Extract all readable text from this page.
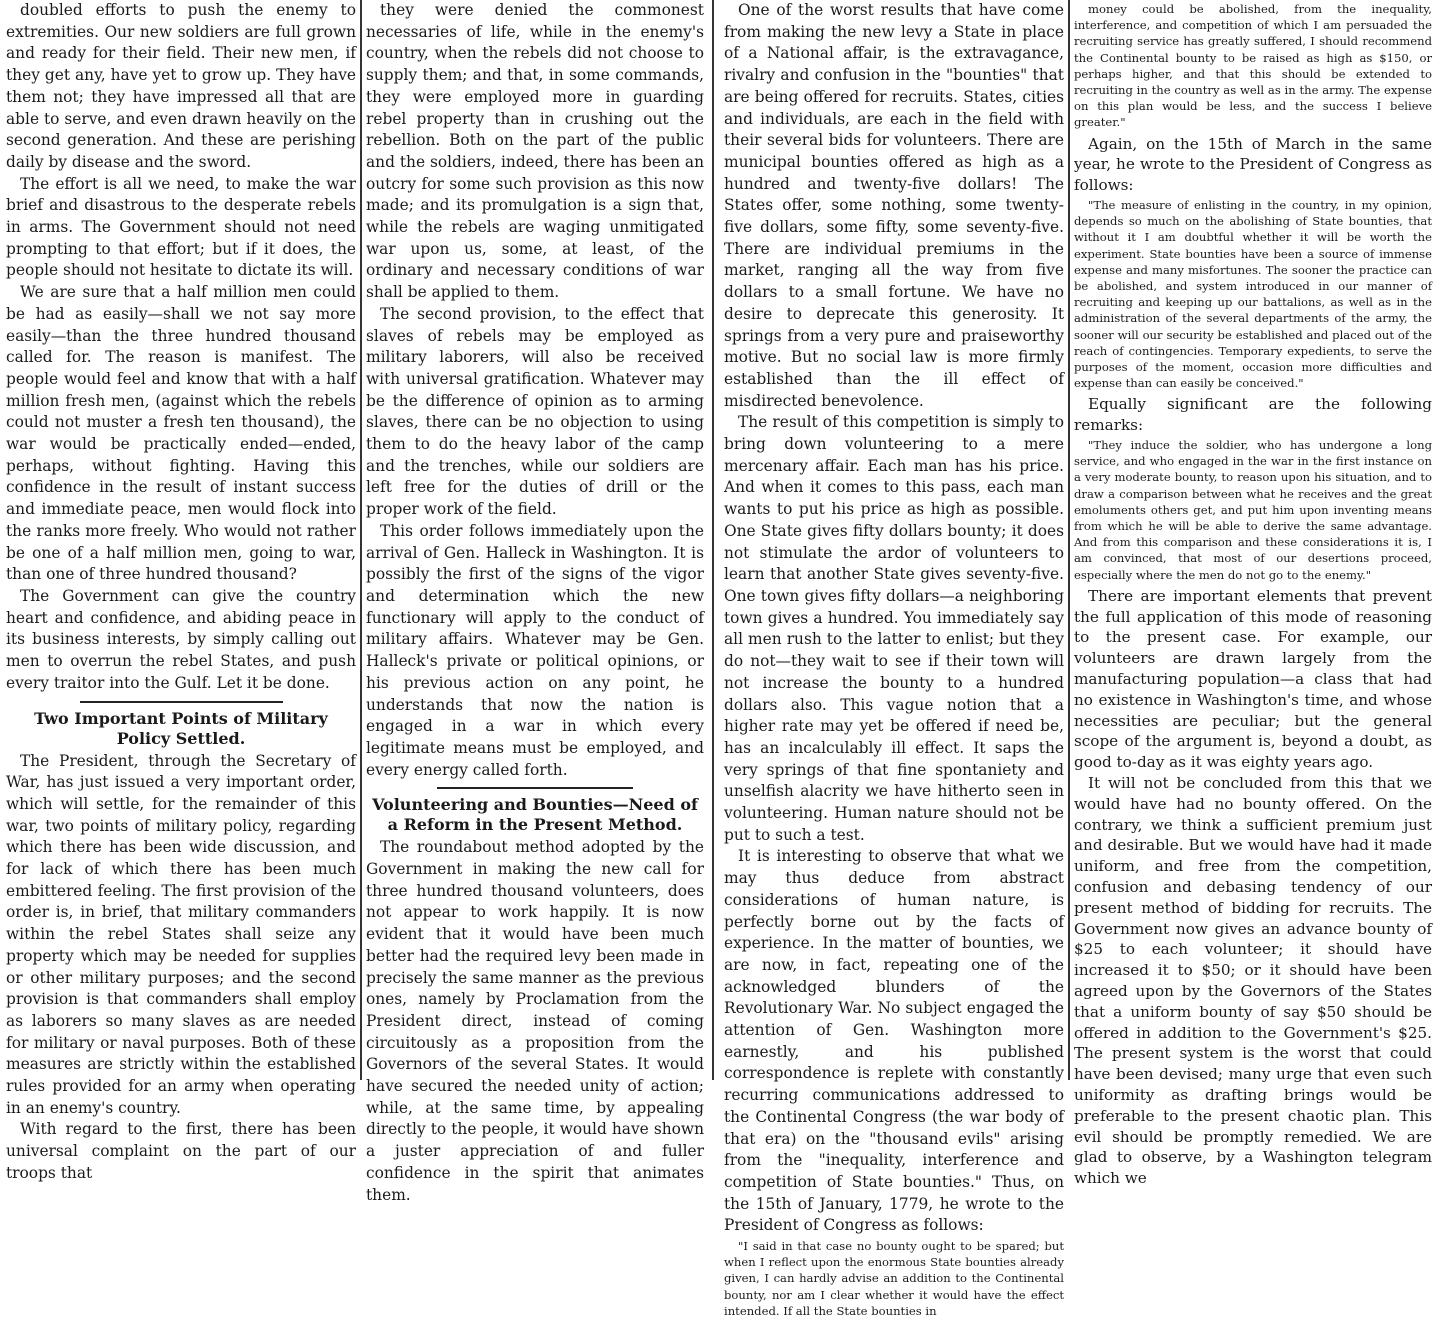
doubled efforts to push the enemy to extremities. Our new soldiers are full grown and ready for their field. Their new men, if they get any, have yet to grow up. They have them not; they have impressed all that are able to serve, and even drawn heavily on the second generation. And these are perishing daily by disease and the sword.

The effort is all we need, to make the war brief and disastrous to the desperate rebels in arms. The Government should not need prompting to that effort; but if it does, the people should not hesitate to dictate its will.

We are sure that a half million men could be had as easily—shall we not say more easily—than the three hundred thousand called for. The reason is manifest. The people would feel and know that with a half million fresh men, (against which the rebels could not muster a fresh ten thousand), the war would be practically ended—ended, perhaps, without fighting. Having this confidence in the result of instant success and immediate peace, men would flock into the ranks more freely. Who would not rather be one of a half million men, going to war, than one of three hundred thousand?

The Government can give the country heart and confidence, and abiding peace in its business interests, by simply calling out men to overrun the rebel States, and push every traitor into the Gulf. Let it be done.

Two Important Points of Military Policy Settled.

The President, through the Secretary of War, has just issued a very important order, which will settle, for the remainder of this war, two points of military policy, regarding which there has been wide discussion, and for lack of which there has been much embittered feeling. The first provision of the order is, in brief, that military commanders within the rebel States shall seize any property which may be needed for supplies or other military purposes; and the second provision is that commanders shall employ as laborers so many slaves as are needed for military or naval purposes. Both of these measures are strictly within the established rules provided for an army when operating in an enemy's country.

With regard to the first, there has been universal complaint on the part of our troops that

they were denied the commonest necessaries of life, while in the enemy's country, when the rebels did not choose to supply them; and that, in some commands, they were employed more in guarding rebel property than in crushing out the rebellion. Both on the part of the public and the soldiers, indeed, there has been an outcry for some such provision as this now made; and its promulgation is a sign that, while the rebels are waging unmitigated war upon us, some, at least, of the ordinary and necessary conditions of war shall be applied to them.

The second provision, to the effect that slaves of rebels may be employed as military laborers, will also be received with universal gratification. Whatever may be the difference of opinion as to arming slaves, there can be no objection to using them to do the heavy labor of the camp and the trenches, while our soldiers are left free for the duties of drill or the proper work of the field.

This order follows immediately upon the arrival of Gen. Halleck in Washington. It is possibly the first of the signs of the vigor and determination which the new functionary will apply to the conduct of military affairs. Whatever may be Gen. Halleck's private or political opinions, or his previous action on any point, he understands that now the nation is engaged in a war in which every legitimate means must be employed, and every energy called forth.

Volunteering and Bounties—Need of a Reform in the Present Method.

The roundabout method adopted by the Government in making the new call for three hundred thousand volunteers, does not appear to work happily. It is now evident that it would have been much better had the required levy been made in precisely the same manner as the previous ones, namely by Proclamation from the President direct, instead of coming circuitously as a proposition from the Governors of the several States. It would have secured the needed unity of action; while, at the same time, by appealing directly to the people, it would have shown a juster appreciation of and fuller confidence in the spirit that animates them.

One of the worst results that have come from making the new levy a State in place of a National affair, is the extravagance, rivalry and confusion in the "bounties" that are being offered for recruits. States, cities and individuals, are each in the field with their several bids for volunteers. There are municipal bounties offered as high as a hundred and twenty-five dollars! The States offer, some nothing, some twenty-five dollars, some fifty, some seventy-five. There are individual premiums in the market, ranging all the way from five dollars to a small fortune. We have no desire to deprecate this generosity. It springs from a very pure and praiseworthy motive. But no social law is more firmly established than the ill effect of misdirected benevolence.

The result of this competition is simply to bring down volunteering to a mere mercenary affair. Each man has his price. And when it comes to this pass, each man wants to put his price as high as possible. One State gives fifty dollars bounty; it does not stimulate the ardor of volunteers to learn that another State gives seventy-five. One town gives fifty dollars—a neighboring town gives a hundred. You immediately say all men rush to the latter to enlist; but they do not—they wait to see if their town will not increase the bounty to a hundred dollars also. This vague notion that a higher rate may yet be offered if need be, has an incalculably ill effect. It saps the very springs of that fine spontaniety and unselfish alacrity we have hitherto seen in volunteering. Human nature should not be put to such a test.

It is interesting to observe that what we may thus deduce from abstract considerations of human nature, is perfectly borne out by the facts of experience. In the matter of bounties, we are now, in fact, repeating one of the acknowledged blunders of the Revolutionary War. No subject engaged the attention of Gen. Washington more earnestly, and his published correspondence is replete with constantly recurring communications addressed to the Continental Congress (the war body of that era) on the "thousand evils" arising from the "inequality, interference and competition of State bounties." Thus, on the 15th of January, 1779, he wrote to the President of Congress as follows:

"I said in that case no bounty ought to be spared; but when I reflect upon the enormous State bounties already given, I can hardly advise an addition to the Continental bounty, nor am I clear whether it would have the effect intended. If all the State bounties in

money could be abolished, from the inequality, interference, and competition of which I am persuaded the recruiting service has greatly suffered, I should recommend the Continental bounty to be raised as high as $150, or perhaps higher, and that this should be extended to recruiting in the country as well as in the army. The expense on this plan would be less, and the success I believe greater."

Again, on the 15th of March in the same year, he wrote to the President of Congress as follows:

"The measure of enlisting in the country, in my opinion, depends so much on the abolishing of State bounties, that without it I am doubtful whether it will be worth the experiment. State bounties have been a source of immense expense and many misfortunes. The sooner the practice can be abolished, and system introduced in our manner of recruiting and keeping up our battalions, as well as in the administration of the several departments of the army, the sooner will our security be established and placed out of the reach of contingencies. Temporary expedients, to serve the purposes of the moment, occasion more difficulties and expense than can easily be conceived."

Equally significant are the following remarks:

"They induce the soldier, who has undergone a long service, and who engaged in the war in the first instance on a very moderate bounty, to reason upon his situation, and to draw a comparison between what he receives and the great emoluments others get, and put him upon inventing means from which he will be able to derive the same advantage. And from this comparison and these considerations it is, I am convinced, that most of our desertions proceed, especially where the men do not go to the enemy."

There are important elements that prevent the full application of this mode of reasoning to the present case. For example, our volunteers are drawn largely from the manufacturing population—a class that had no existence in Washington's time, and whose necessities are peculiar; but the general scope of the argument is, beyond a doubt, as good to-day as it was eighty years ago.

It will not be concluded from this that we would have had no bounty offered. On the contrary, we think a sufficient premium just and desirable. But we would have had it made uniform, and free from the competition, confusion and debasing tendency of our present method of bidding for recruits. The Government now gives an advance bounty of $25 to each volunteer; it should have increased it to $50; or it should have been agreed upon by the Governors of the States that a uniform bounty of say $50 should be offered in addition to the Government's $25. The present system is the worst that could have been devised; many urge that even such uniformity as drafting brings would be preferable to the present chaotic plan. This evil should be promptly remedied. We are glad to observe, by a Washington telegram which we
